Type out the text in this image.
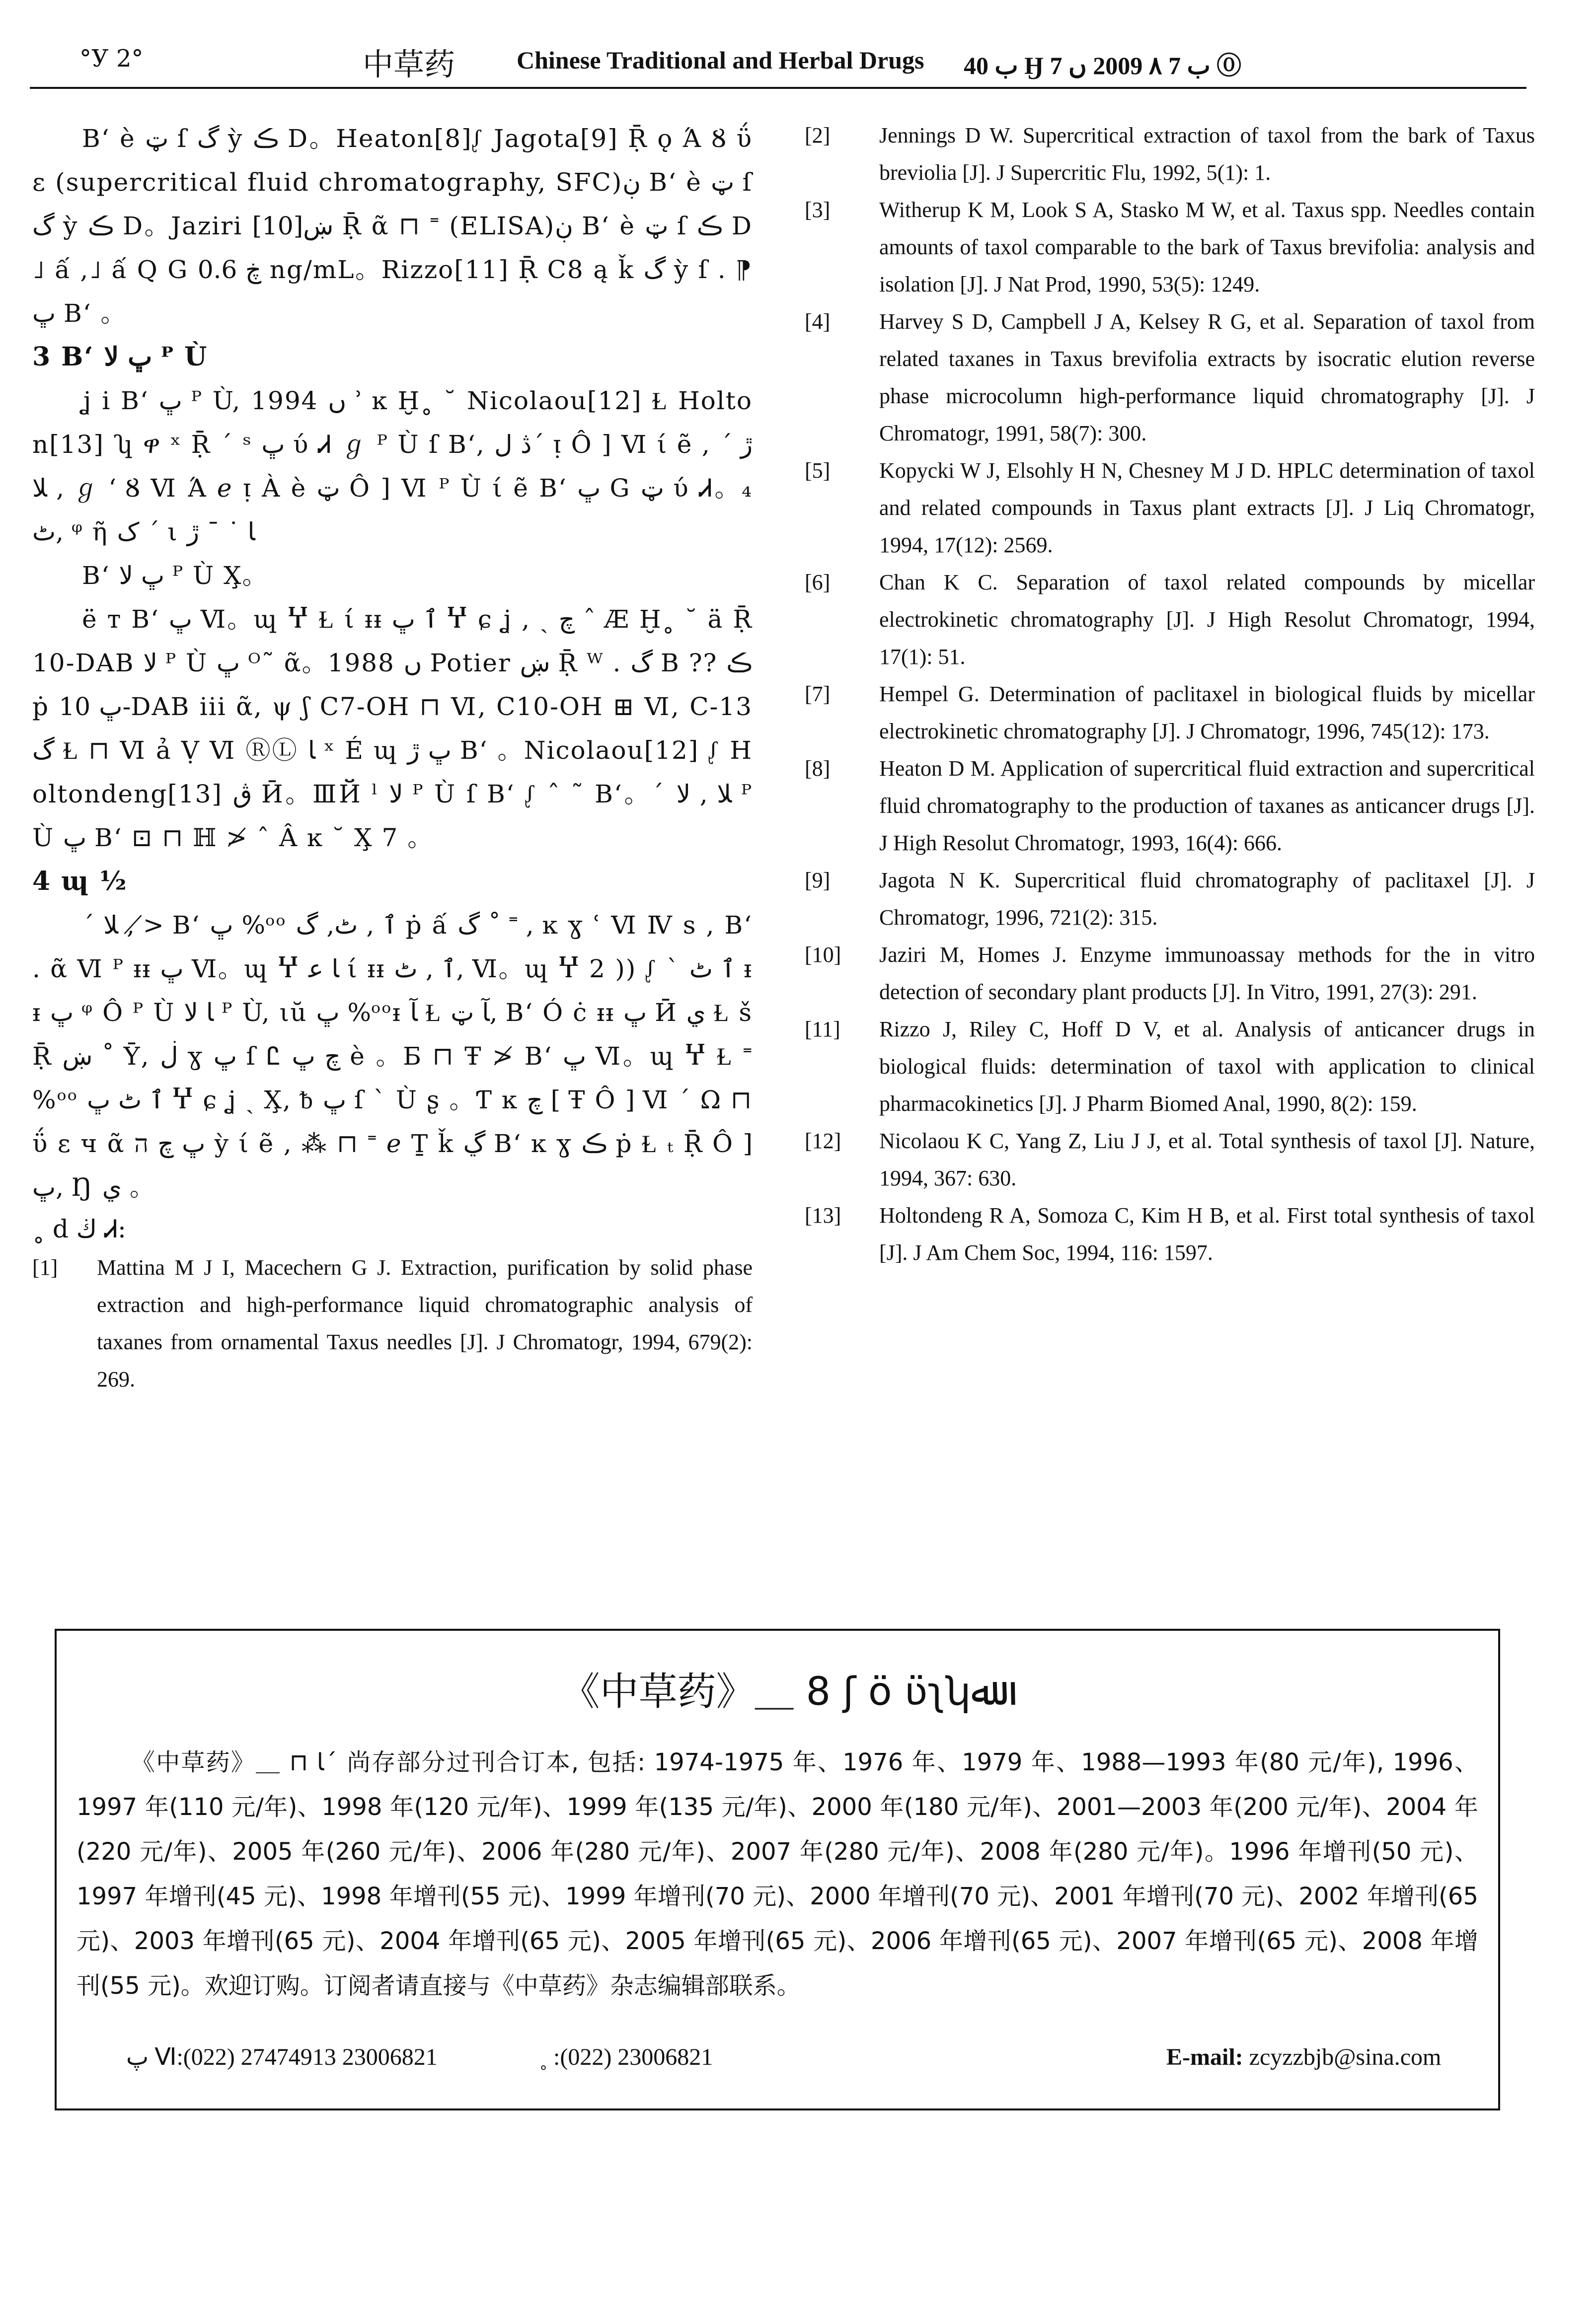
°У 2°	中草药 Chinese Traditional and Herbal Drugs ب 40 Ӈ ب 7 ۸ 2009 ں 7 ⓪

Bʻ è ټ ſ گ ỳ ڪ D。Heaton[8]ᶘ Jagota[9] Ṝ ǫ Ά Ȣ ΰ ε (supercritical fluid chromatography, SFC)ڹ Bʻ è ټ ſ گ ỳ ڪ D。Jaziri ښ[10] Ṝ ᾶ ⊓ ˭ (ELISA)ڹ Bʻ è ټ ſ ڪ D˩ ấ ,˩ ấ Q G ڿ 0.6 ng/mL。Rizzo[11] Ṝ C8 ą ǩ گ ỳ ſ . ⁋ ڀ Bʻ 。

3 Bʻ ڀ ﻻ ᴾ Ù

ʝ i Bʻ ڀ ᴾ Ù, 1994 ں ʾ ĸ Ḫ˳ ˘ Nicolaou[12] Ɫ Holton[13] ʮ ዋ ˣ Ṝ ˊ ˢ ڀ ύ Ꮧ ℊ ᴾ Ù ſ Bʻ, ڎ لˊ ᴉ Ô ] Ⅵ ί ẽ , ڙ ˊ ﻼ , ℊ ʻ Ȣ Ⅵ Ά ℯ ᴉ À è ټ Ô ] Ⅵ ᴾ Ù ί ẽ Bʻ ڀ G ټ ύ Ꮧ。₄ ٹ, ᵠ ῆ ک ˊ ι ﺎ ˙ ˉ ڙ

Bʻ ڀ ﻻ ᴾ Ù X̧。

ë ᴛ Bʻ ڀ Ⅵ。ɰ Ⴤ Ɫ ί ᵻᵻ ٱ ڀ Ⴤ ɕ ʝ , ˏ ﭺ ˆ Æ Ḫ˳ ˘ ä Ṝ 10-DAB ﻻ ᴾ Ù ڀ ᴼ˜ ᾶ。1988 ں Potier ښ Ṝ ᵂ . گ B ?? ڪ ṗ ڀ 10-DAB iii ᾶ, ψ ʃ C7-OH ⊓ Ⅵ, C10-OH ⊞ Ⅵ, C-13 گ Ɫ ⊓ Ⅵ ả Ṿ Ⅵ ⓇⓁ ﺎ ˣ É ɰ ڀ ڙ Bʻ 。Nicolaou[12] ᶘ Holtondeng[13] ڨ Ӣ。ⅢЙ ˡ ﻻ ᴾ Ù ſ Bʻ ᶘ ˆ ˜ Bʻ。ˊ ﻼ , ﻻ ᴾ Ù ڀ Bʻ ⊡ ⊓ ℍ ≯ ˆ Â ĸ ˘ X̧ 7 。

4 ɰ ½

ˊ ﻼ , ≯ Bʻ ڀ %ᵒᵒ ٱ , ٹ, گ ṗ ấ گ ˚ ˭ , ĸ ɣ ʿ Ⅵ Ⅳ s , Bʻ . ᾶ Ⅵ ᴾ ᵻᵻ ڀ Ⅵ。ɰ Ⴤ ﺎ ﻋ ί ᵻᵻ ٱ , ٹ, Ⅵ。ɰ Ⴤ 2 )) ᶘ ˋ ٱ ٹ ᵻᵻ ڀ ᵠ Ô ᴾ Ù ﺎ ﻻ ᴾ Ù, ιŭ ڀ %ᵒᵒᵻ ﺂ Ɫ ﺂ ټ, Bʻ Ó ċ ᵻᵻ ڀ Ӣ ي Ɫ š Ṝ ښ ˚ Ȳ, ڶ ɣ ڀ ſ Ꮭ ﭺ ڀ è 。Б ⊓ Ŧ ≯ Bʻ ڀ Ⅵ。ɰ Ⴤ Ɫ ˭ %ᵒᵒ ٱ ٹ ڀ Ⴤ ɕ ʝ ˏ X̧, ᵬ ڀ ſ ˋ Ù ʂ 。Ƭ ĸ ﭺ [ Ŧ Ô ] Ⅵ ˊ Ω ⊓ ΰ ε ч ᾶ ڀ ﭺ ה ỳ ί ẽ , ⁂ ⊓ ˭ ℯ Ṯ ǩ ڲ Bʻ ĸ ɣ ڪ ṗ Ɫ ₜ Ṝ Ô ] ڀ, Ŋ ي 。

˳ d ڬ Ꮧ:

[1] Mattina M J I, Macechern G J. Extraction, purification by solid phase extraction and high-performance liquid chromatographic analysis of taxanes from ornamental Taxus needles [J]. J Chromatogr, 1994, 679(2): 269.
[2] Jennings D W. Supercritical extraction of taxol from the bark of Taxus breviolia [J]. J Supercritic Flu, 1992, 5(1): 1.
[3] Witherup K M, Look S A, Stasko M W, et al. Taxus spp. Needles contain amounts of taxol comparable to the bark of Taxus brevifolia: analysis and isolation [J]. J Nat Prod, 1990, 53(5): 1249.
[4] Harvey S D, Campbell J A, Kelsey R G, et al. Separation of taxol from related taxanes in Taxus brevifolia extracts by isocratic elution reverse phase microcolumn high-performance liquid chromatography [J]. J Chromatogr, 1991, 58(7): 300.
[5] Kopycki W J, Elsohly H N, Chesney M J D. HPLC determination of taxol and related compounds in Taxus plant extracts [J]. J Liq Chromatogr, 1994, 17(12): 2569.
[6] Chan K C. Separation of taxol related compounds by micellar electrokinetic chromatography [J]. J High Resolut Chromatogr, 1994, 17(1): 51.
[7] Hempel G. Determination of paclitaxel in biological fluids by micellar electrokinetic chromatography [J]. J Chromatogr, 1996, 745(12): 173.
[8] Heaton D M. Application of supercritical fluid extraction and supercritical fluid chromatography to the production of taxanes as anticancer drugs [J]. J High Resolut Chromatogr, 1993, 16(4): 666.
[9] Jagota N K. Supercritical fluid chromatography of paclitaxel [J]. J Chromatogr, 1996, 721(2): 315.
[10] Jaziri M, Homes J. Enzyme immunoassay methods for the in vitro detection of secondary plant products [J]. In Vitro, 1991, 27(3): 291.
[11] Rizzo J, Riley C, Hoff D V, et al. Analysis of anticancer drugs in biological fluids: determination of taxol with application to clinical pharmacokinetics [J]. J Pharm Biomed Anal, 1990, 8(2): 159.
[12] Nicolaou K C, Yang Z, Liu J J, et al. Total synthesis of taxol [J]. Nature, 1994, 367: 630.
[13] Holtondeng R A, Somoza C, Kim H B, et al. First total synthesis of taxol [J]. J Am Chem Soc, 1994, 116: 1597.
《中草药》＿ 8 ʃ ö ʋ̈ʅʮﷲ
《中草药》＿ ⊓ ﺎˊ 尚存部分过刊合订本, 包括: 1974-1975 年、1976 年、1979 年、1988—1993 年(80 元/年), 1996、1997 年(110 元/年)、1998 年(120 元/年)、1999 年(135 元/年)、2000 年(180 元/年)、2001—2003 年(200 元/年)、2004 年(220 元/年)、2005 年(260 元/年)、2006 年(280 元/年)、2007 年(280 元/年)、2008 年(280 元/年)。1996 年增刊(50 元)、1997 年增刊(45 元)、1998 年增刊(55 元)、1999 年增刊(70 元)、2000 年增刊(70 元)、2001 年增刊(70 元)、2002 年增刊(65 元)、2003 年增刊(65 元)、2004 年增刊(65 元)、2005 年增刊(65 元)、2006 年增刊(65 元)、2007 年增刊(65 元)、2008 年增刊(55 元)。欢迎订购。订阅者请直接与《中草药》杂志编辑部联系。
ﭖ Ⅵ:(022) 27474913 23006821	˳ :(022) 23006821	E-mail: zcyzzbjb@sina.com
